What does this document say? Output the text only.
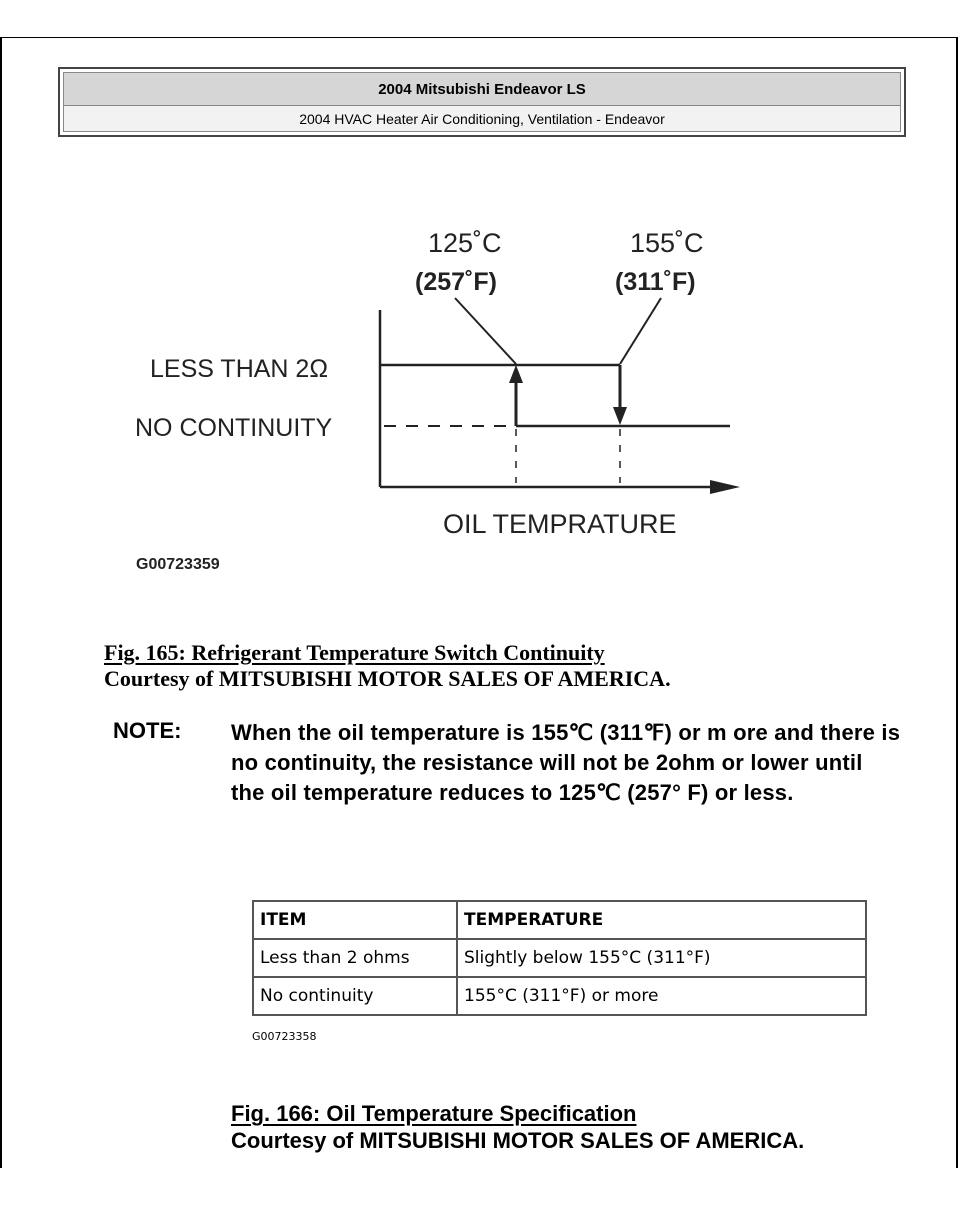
2004 Mitsubishi Endeavor LS
2004 HVAC Heater Air Conditioning, Ventilation - Endeavor
125˚C
(257˚F)
155˚C
(311˚F)
LESS THAN 2Ω
NO CONTINUITY
OIL TEMPRATURE
G00723359
Fig. 165: Refrigerant Temperature Switch Continuity
Courtesy of MITSUBISHI MOTOR SALES OF AMERICA.
NOTE: When the oil temperature is 155℃ (311℉) or m ore and there is no continuity, the resistance will not be 2ohm or lower until the oil temperature reduces to 125℃ (257° F) or less.
ITEM	TEMPERATURE
Less than 2 ohms	Slightly below 155°C (311°F)
No continuity	155°C (311°F) or more
G00723358
Fig. 166: Oil Temperature Specification
Courtesy of MITSUBISHI MOTOR SALES OF AMERICA.
